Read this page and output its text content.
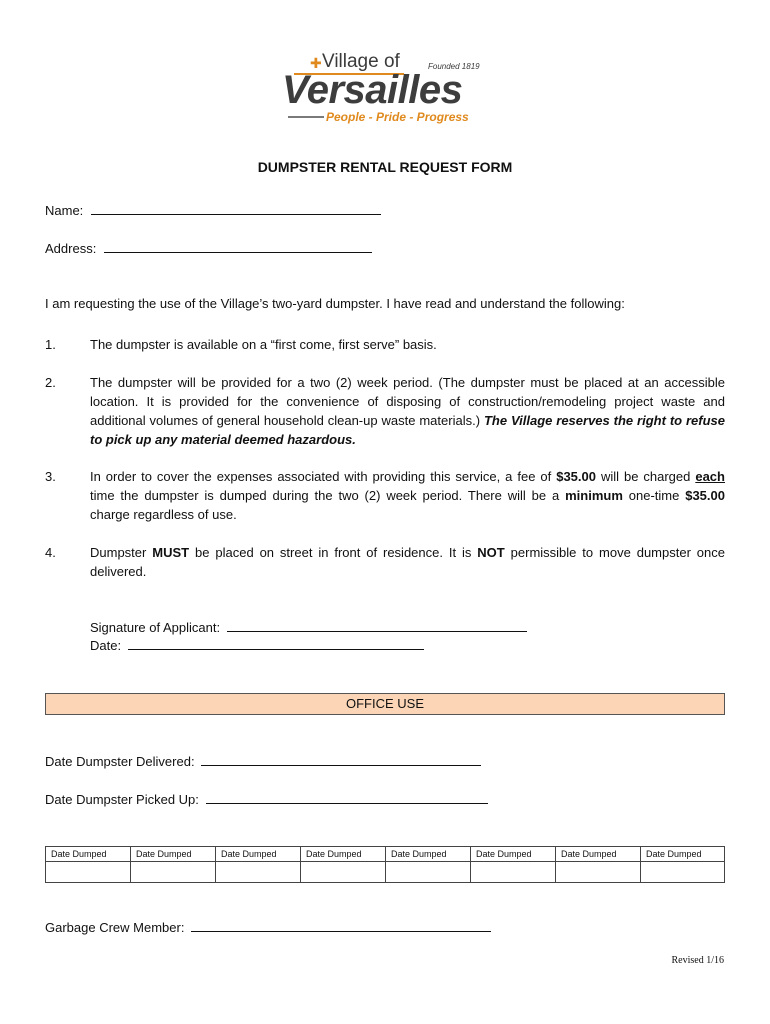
✚ Village of	Founded 1819
Versailles
People - Pride - Progress
DUMPSTER RENTAL REQUEST FORM
Name:
Address:
I am requesting the use of the Village’s two-yard dumpster. I have read and understand the following:
1.	The dumpster is available on a “first come, first serve” basis.
2.	The dumpster will be provided for a two (2) week period. (The dumpster must be placed at an accessible location. It is provided for the convenience of disposing of construction/remodeling project waste and additional volumes of general household clean-up waste materials.) The Village reserves the right to refuse to pick up any material deemed hazardous.
3.	In order to cover the expenses associated with providing this service, a fee of $35.00 will be charged each time the dumpster is dumped during the two (2) week period. There will be a minimum one-time $35.00 charge regardless of use.
4.	Dumpster MUST be placed on street in front of residence. It is NOT permissible to move dumpster once delivered.
Signature of Applicant:
Date:
OFFICE USE
Date Dumpster Delivered:
Date Dumpster Picked Up:
Date Dumped	Date Dumped	Date Dumped	Date Dumped	Date Dumped	Date Dumped	Date Dumped	Date Dumped

Garbage Crew Member:
Revised 1/16
